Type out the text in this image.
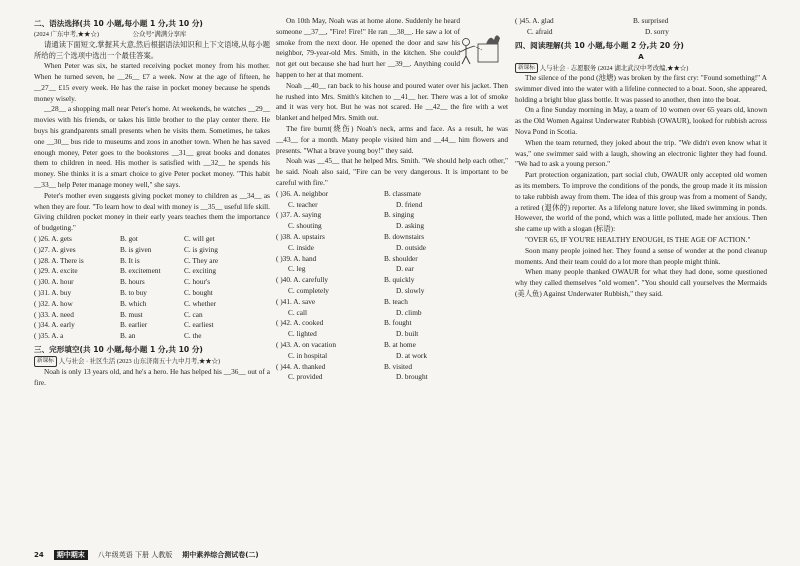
二、语法选择(共 10 小题,每小题 1 分,共 10 分)
(2024 广东中考,★★☆)	公众号"满满分享库

请通读下面短文,掌握其大意,然后根据语法知识和上下文语境,从每小题所给的三个选项中选出一个最佳答案。

When Peter was six, he started receiving pocket money from his mother. When he turned seven, he __26__ £7 a week. Now at the age of fifteen, he __27__ £15 every week. He has the raise in pocket money because he spends money wisely.

__28__ a shopping mall near Peter's home. At weekends, he watches __29__ movies with his friends, or takes his little brother to the play center there. He buys his grandparents small presents when he visits them. Sometimes, he takes one __30__ bus ride to museums and zoos in another town. When he has saved enough money, Peter goes to the bookstores __31__ great books and donates them to children in need. His mother is satisfied with __32__ he spends his money. She thinks it is a smart choice to give Peter pocket money. "This habit __33__ help Peter manage money well," she says.

Peter's mother even suggests giving pocket money to children as __34__ as when they are four. "To learn how to deal with money is __35__ useful life skill. Giving children pocket money in their early years teaches them the importance of budgeting."

( )26. A. gets	B. got	C. will get
( )27. A. gives	B. is given	C. is giving
( )28. A. There is	B. It is	C. They are
( )29. A. excite	B. excitement	C. exciting
( )30. A. hour	B. hours	C. hour's
( )31. A. buy	B. to buy	C. bought
( )32. A. how	B. which	C. whether
( )33. A. need	B. must	C. can
( )34. A. early	B. earlier	C. earliest
( )35. A. a	B. an	C. the
三、完形填空(共 10 小题,每小题 1 分,共 10 分)
新课标 人与社会 · 社区生活 (2023 山东济南五十九中月考,★★☆)

Noah is only 13 years old, and he's a hero. He has helped his __36__ out of a fire.

On 10th May, Noah was at home alone. Suddenly he heard someone __37__, "Fire! Fire!" He ran __38__. He saw a lot of smoke from the next door. He opened the door and saw his neighbor, 79-year-old Mrs. Smith, in the kitchen. She could not get out because she had hurt her __39__. Anything could happen to her at that moment.

Noah __40__ ran back to his house and poured water over his jacket. Then he rushed into Mrs. Smith's kitchen to __41__ her. There was a lot of smoke and it was very hot. But he was not scared. He __42__ the fire with a wet blanket and helped Mrs. Smith out.

The fire burnt(烧伤) Noah's neck, arms and face. As a result, he was __43__ for a month. Many people visited him and __44__ him flowers and presents. "What a brave young boy!" they said.

Noah was __45__ that he helped Mrs. Smith. "We should help each other," he said. Noah also said, "Fire can be very dangerous. It is important to be careful with fire."

( )36. A. neighbor	B. classmate
C. teacher	D. friend
( )37. A. saying	B. singing
C. shouting	D. asking
( )38. A. upstairs	B. downstairs
C. inside	D. outside
( )39. A. hand	B. shoulder
C. leg	D. ear
( )40. A. carefully	B. quickly
C. completely	D. slowly
( )41. A. save	B. teach
C. call	D. climb
( )42. A. cooked	B. fought
C. lighted	D. built
( )43. A. on vacation	B. at home
C. in hospital	D. at work
( )44. A. thanked	B. visited
C. provided	D. brought
( )45. A. glad	B. surprised
C. afraid	D. sorry
四、阅读理解(共 10 小题,每小题 2 分,共 20 分)
A
新课标 人与社会 · 志愿服务 (2024 湖北武汉中考改编,★★☆)

The silence of the pond (池塘) was broken by the first cry: "Found something!" A swimmer dived into the water with a lifeline connected to a boat. Soon, she appeared, holding a bright blue glass bottle. It was passed to another, then into the boat.

On a fine Sunday morning in May, a team of 10 women over 65 years old, known as the Old Women Against Underwater Rubbish (OWAUR), looked for rubbish across Nova Pond in Scotia.

When the team returned, they joked about the trip. "We didn't even know what it was," one swimmer said with a laugh, showing an electronic lighter they had found. "We had to ask a young person."

Part protection organization, part social club, OWAUR only accepted old women as its members. To improve the conditions of the ponds, the group made it its mission to take rubbish away from them. The idea of this group was from a moment of Sandy, a retired (退休的) reporter. As a lifelong nature lover, she liked swimming in ponds. However, the world of the pond, which was a little polluted, made her anxious. Then she came up with a slogan (标语):

"OVER 65, IF YOU'RE HEALTHY ENOUGH, IS THE AGE OF ACTION."

Soon many people joined her. They found a sense of wonder at the pond cleanup moments. And their team could do a lot more than people might think.

When many people thanked OWAUR for what they had done, some questioned why they called themselves "old women". "You should call yourselves the Mermaids (美人鱼) Against Underwater Rubbish," they said.

24	期中期末	八年级英语 下册 人教版 期中素养综合测试卷(二)
